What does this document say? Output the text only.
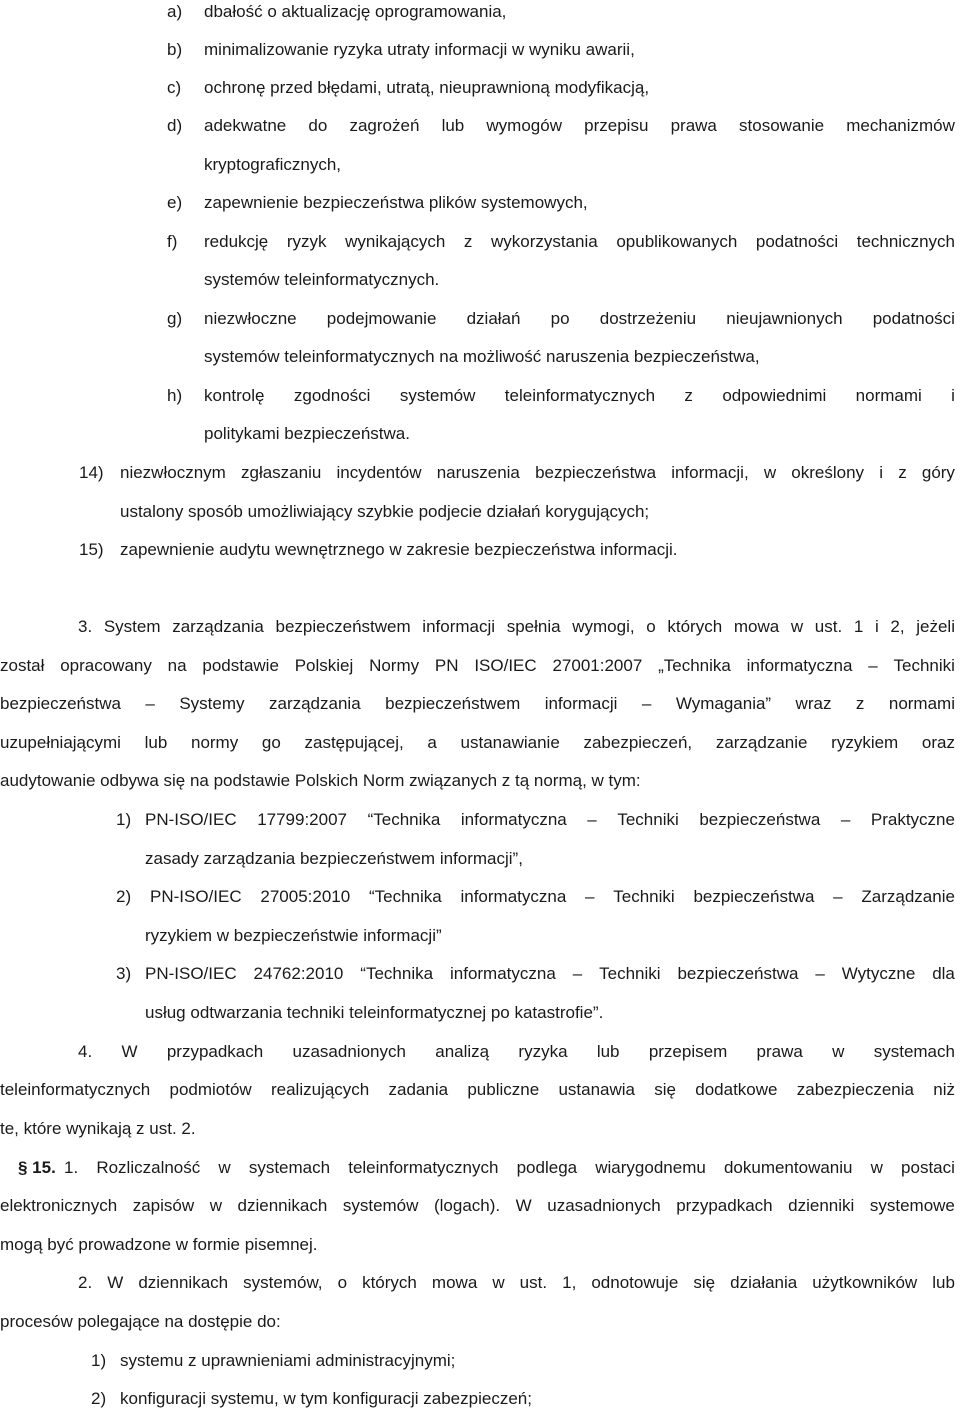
a) dbałość o aktualizację oprogramowania,
b) minimalizowanie ryzyka utraty informacji w wyniku awarii,
c) ochronę przed błędami, utratą, nieuprawnioną modyfikacją,
d) adekwatne do zagrożeń lub wymogów przepisu prawa stosowanie mechanizmów
kryptograficznych,
e) zapewnienie bezpieczeństwa plików systemowych,
f) redukcję ryzyk wynikających z wykorzystania opublikowanych podatności technicznych
systemów teleinformatycznych.
g) niezwłoczne podejmowanie działań po dostrzeżeniu nieujawnionych podatności
systemów teleinformatycznych na możliwość naruszenia bezpieczeństwa,
h) kontrolę zgodności systemów teleinformatycznych z odpowiednimi normami i
politykami bezpieczeństwa.
14) niezwłocznym zgłaszaniu incydentów naruszenia bezpieczeństwa informacji, w określony i z góry
ustalony sposób umożliwiający szybkie podjecie działań korygujących;
15) zapewnienie audytu wewnętrznego w zakresie bezpieczeństwa informacji.
3. System zarządzania bezpieczeństwem informacji spełnia wymogi, o których mowa w ust. 1 i 2, jeżeli
został opracowany na podstawie Polskiej Normy PN ISO/IEC 27001:2007 „Technika informatyczna – Techniki
bezpieczeństwa – Systemy zarządzania bezpieczeństwem informacji – Wymagania” wraz z normami
uzupełniającymi lub normy go zastępującej, a ustanawianie zabezpieczeń, zarządzanie ryzykiem oraz
audytowanie odbywa się na podstawie Polskich Norm związanych z tą normą, w tym:
1) PN-ISO/IEC 17799:2007 “Technika informatyczna – Techniki bezpieczeństwa – Praktyczne
zasady zarządzania bezpieczeństwem informacji”,
2) PN-ISO/IEC 27005:2010 “Technika informatyczna – Techniki bezpieczeństwa – Zarządzanie
ryzykiem w bezpieczeństwie informacji”
3) PN-ISO/IEC 24762:2010 “Technika informatyczna – Techniki bezpieczeństwa – Wytyczne dla
usług odtwarzania techniki teleinformatycznej po katastrofie”.
4. W przypadkach uzasadnionych analizą ryzyka lub przepisem prawa w systemach
teleinformatycznych podmiotów realizujących zadania publiczne ustanawia się dodatkowe zabezpieczenia niż
te, które wynikają z ust. 2.
§ 15. 1. Rozliczalność w systemach teleinformatycznych podlega wiarygodnemu dokumentowaniu w postaci
elektronicznych zapisów w dziennikach systemów (logach). W uzasadnionych przypadkach dzienniki systemowe
mogą być prowadzone w formie pisemnej.
2. W dziennikach systemów, o których mowa w ust. 1, odnotowuje się działania użytkowników lub
procesów polegające na dostępie do:
1) systemu z uprawnieniami administracyjnymi;
2) konfiguracji systemu, w tym konfiguracji zabezpieczeń;
